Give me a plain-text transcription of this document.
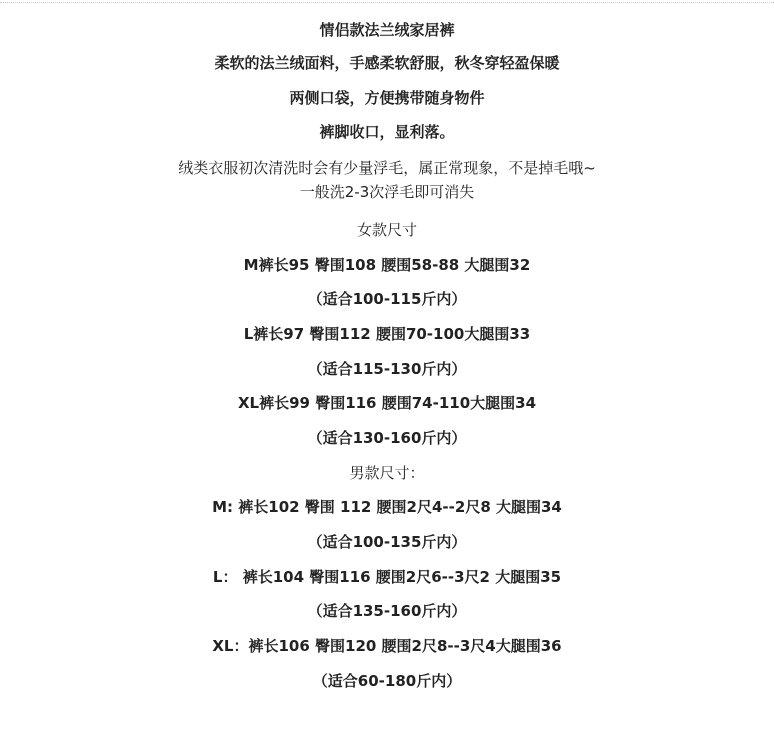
情侣款法兰绒家居裤
柔软的法兰绒面料，手感柔软舒服，秋冬穿轻盈保暖
两侧口袋，方便携带随身物件
裤脚收口，显利落。
绒类衣服初次清洗时会有少量浮毛，属正常现象，不是掉毛哦~
一般洗2-3次浮毛即可消失
女款尺寸
M裤长95 臀围108 腰围58-88 大腿围32
（适合100-115斤内）
L裤长97 臀围112 腰围70-100大腿围33
（适合115-130斤内）
XL裤长99 臀围116 腰围74-110大腿围34
（适合130-160斤内）
男款尺寸：
M: 裤长102 臀围 112 腰围2尺4--2尺8 大腿围34
（适合100-135斤内）
L： 裤长104 臀围116 腰围2尺6--3尺2 大腿围35
（适合135-160斤内）
XL：裤长106 臀围120 腰围2尺8--3尺4大腿围36
（适合60-180斤内）
